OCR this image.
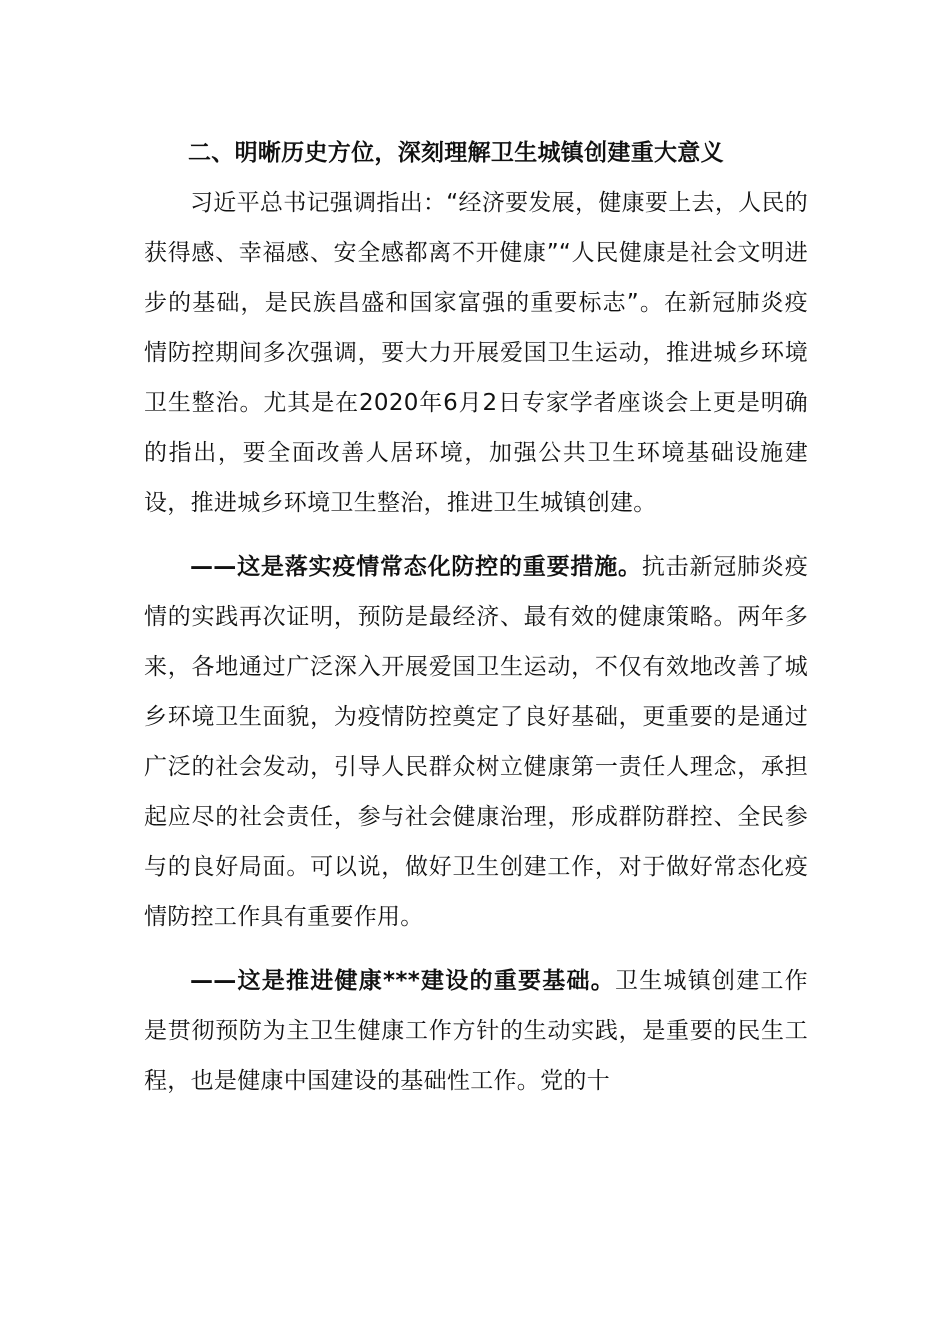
二、明晰历史方位，深刻理解卫生城镇创建重大意义

习近平总书记强调指出：“经济要发展，健康要上去，人民的获得感、幸福感、安全感都离不开健康”“人民健康是社会文明进步的基础，是民族昌盛和国家富强的重要标志”。在新冠肺炎疫情防控期间多次强调，要大力开展爱国卫生运动，推进城乡环境卫生整治。尤其是在2020年6月2日专家学者座谈会上更是明确的指出，要全面改善人居环境，加强公共卫生环境基础设施建设，推进城乡环境卫生整治，推进卫生城镇创建。

——这是落实疫情常态化防控的重要措施。抗击新冠肺炎疫情的实践再次证明，预防是最经济、最有效的健康策略。两年多来，各地通过广泛深入开展爱国卫生运动，不仅有效地改善了城乡环境卫生面貌，为疫情防控奠定了良好基础，更重要的是通过广泛的社会发动，引导人民群众树立健康第一责任人理念，承担起应尽的社会责任，参与社会健康治理，形成群防群控、全民参与的良好局面。可以说，做好卫生创建工作，对于做好常态化疫情防控工作具有重要作用。

——这是推进健康***建设的重要基础。卫生城镇创建工作是贯彻预防为主卫生健康工作方针的生动实践，是重要的民生工程，也是健康中国建设的基础性工作。党的十
